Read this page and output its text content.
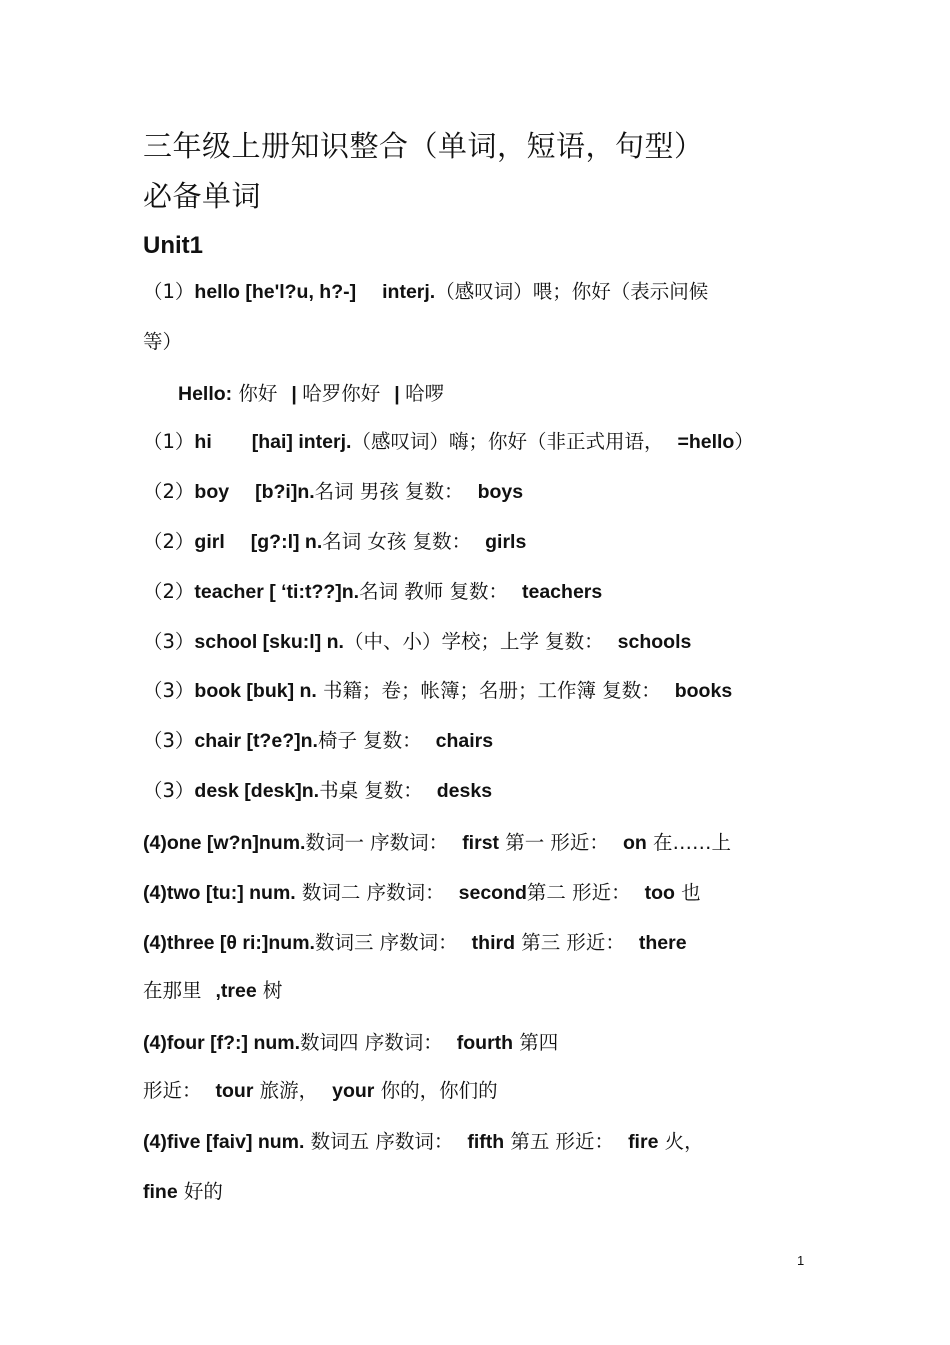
三年级上册知识整合（单词，短语，句型）
必备单词
Unit1
（1）hello [he'l?u, h?-] interj.（感叹词）喂；你好（表示问候
等）
Hello: 你好 | 哈罗你好 | 哈啰
（1）hi [hai] interj.（感叹词）嗨；你好（非正式用语， =hello）
（2）boy [b?i]n.名词 男孩 复数： boys
（2）girl [ɡ?:l] n.名词 女孩 复数： girls
（2）teacher [ ‘ti:t??]n.名词 教师 复数： teachers
（3）school [sku:l] n.（中、小）学校；上学 复数： schools
（3）book [buk] n. 书籍；卷；帐簿；名册；工作簿 复数： books
（3）chair [t?e?]n.椅子 复数： chairs
（3）desk [desk]n.书桌 复数： desks
(4)one [w?n]num.数词一 序数词： first 第一 形近： on 在……上
(4)two [tu:] num. 数词二 序数词： second第二 形近： too 也
(4)three [θ ri:]num.数词三 序数词： third 第三 形近： there
在那里 ,tree 树
(4)four [f?:] num.数词四 序数词： fourth 第四
形近： tour 旅游， your 你的，你们的
(4)five [faiv] num. 数词五 序数词： fifth 第五 形近： fire 火，
fine 好的
1
